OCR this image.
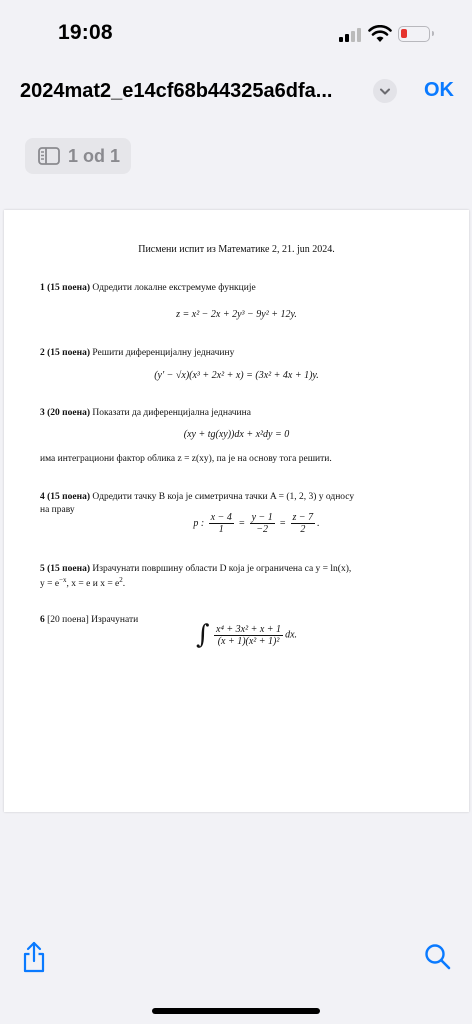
19:08
2024mat2_e14cf68b44325a6dfa...	OK
1 od 1
Писмени испит из Математике 2, 21. jun 2024.
1 (15 поена) Одредити локалне екстремуме функције
z = x² − 2x + 2y³ − 9y² + 12y.
2 (15 поена) Решити диференцијалну једначину
(y′ − √x)(x³ + 2x² + x) = (3x² + 4x + 1)y.
3 (20 поена) Показати да диференцијална једначина
(xy + tg(xy))dx + x²dy = 0
има интеграциони фактор облика z = z(xy), па је на основу тога решити.
4 (15 поена) Одредити тачку B која је симетрична тачки A = (1, 2, 3) у односу
на праву
p : $\frac{x - 4}{1} = \frac{y - 1}{-2} = \frac{z - 7}{2}$ .
5 (15 поена) Израчунати површину области D која је ограничена са y = ln(x),
$y = e^{-x}$, x = e и $x = e^2$.
6 [20 поена] Израчунати	∫ $\frac{\text{x⁴ + 3x² + x + 1}}{\text{(x + 1)(x² + 1)²}}$ dx.
